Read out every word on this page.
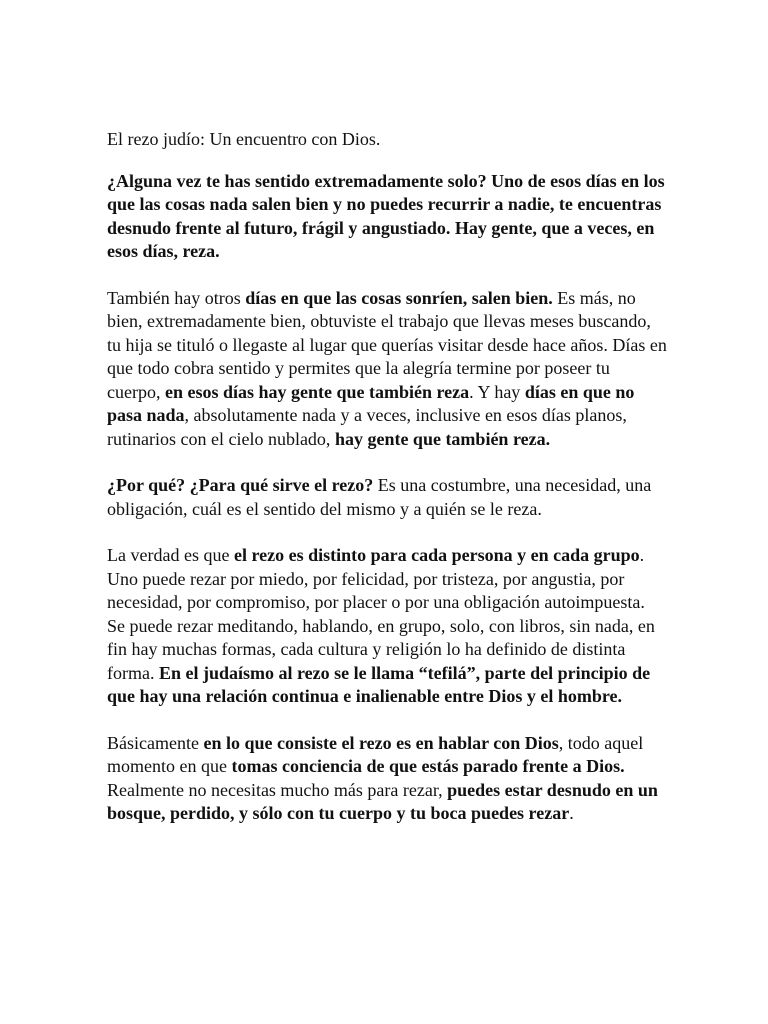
El rezo judío: Un encuentro con Dios.

¿Alguna vez te has sentido extremadamente solo? Uno de esos días en los que las cosas nada salen bien y no puedes recurrir a nadie, te encuentras desnudo frente al futuro, frágil y angustiado. Hay gente, que a veces, en esos días, reza.

También hay otros días en que las cosas sonríen, salen bien. Es más, no bien, extremadamente bien, obtuviste el trabajo que llevas meses buscando, tu hija se tituló o llegaste al lugar que querías visitar desde hace años. Días en que todo cobra sentido y permites que la alegría termine por poseer tu cuerpo, en esos días hay gente que también reza. Y hay días en que no pasa nada, absolutamente nada y a veces, inclusive en esos días planos, rutinarios con el cielo nublado, hay gente que también reza.

¿Por qué? ¿Para qué sirve el rezo? Es una costumbre, una necesidad, una obligación, cuál es el sentido del mismo y a quién se le reza.

La verdad es que el rezo es distinto para cada persona y en cada grupo. Uno puede rezar por miedo, por felicidad, por tristeza, por angustia, por necesidad, por compromiso, por placer o por una obligación autoimpuesta. Se puede rezar meditando, hablando, en grupo, solo, con libros, sin nada, en fin hay muchas formas, cada cultura y religión lo ha definido de distinta forma. En el judaísmo al rezo se le llama “tefilá”, parte del principio de que hay una relación continua e inalienable entre Dios y el hombre.

Básicamente en lo que consiste el rezo es en hablar con Dios, todo aquel momento en que tomas conciencia de que estás parado frente a Dios. Realmente no necesitas mucho más para rezar, puedes estar desnudo en un bosque, perdido, y sólo con tu cuerpo y tu boca puedes rezar.
